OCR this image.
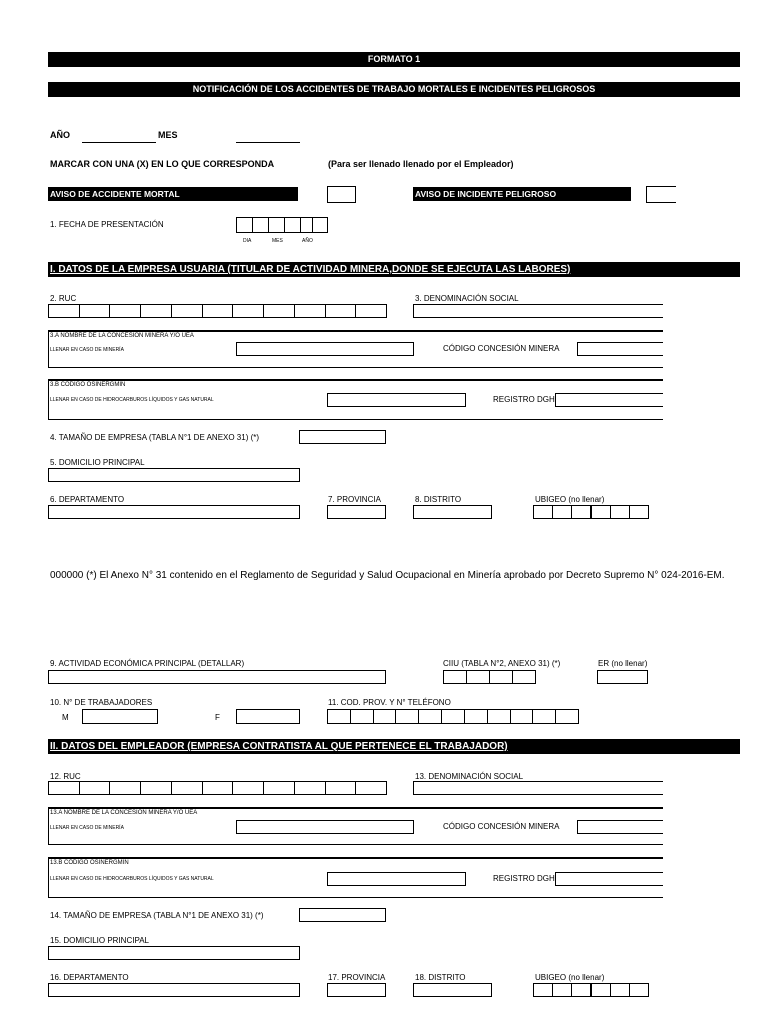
FORMATO 1
NOTIFICACIÓN DE LOS ACCIDENTES DE TRABAJO MORTALES E INCIDENTES PELIGROSOS
AÑO	MES
MARCAR CON UNA (X) EN LO QUE CORRESPONDA	(Para ser llenado llenado por el Empleador)
AVISO DE ACCIDENTE MORTAL	AVISO DE INCIDENTE PELIGROSO
1. FECHA DE PRESENTACIÓN
DIA	MES	AÑO
I. DATOS DE LA EMPRESA USUARIA (TITULAR DE ACTIVIDAD MINERA,DONDE SE EJECUTA LAS LABORES)
2. RUC	3. DENOMINACIÓN SOCIAL
3.A NOMBRE DE LA CONCESION MINERA Y/O UEA
LLENAR EN CASO DE MINERÍA	CÓDIGO CONCESIÓN MINERA
3.B CODIGO OSINERGMIN
LLENAR EN CASO DE HIDROCARBUROS LÍQUIDOS Y GAS NATURAL	REGISTRO DGH
4. TAMAÑO DE EMPRESA (TABLA N°1 DE ANEXO 31) (*)
5. DOMICILIO PRINCIPAL
6. DEPARTAMENTO	7. PROVINCIA	8. DISTRITO	UBIGEO (no llenar)
000000 (*) El Anexo N° 31 contenido en el Reglamento de Seguridad y Salud Ocupacional en Minería aprobado por Decreto Supremo N° 024-2016-EM.
9. ACTIVIDAD ECONÓMICA PRINCIPAL (DETALLAR)	CIIU (TABLA N°2, ANEXO 31) (*)	ER (no llenar)
10. N° DE TRABAJADORES
M	F
11. COD. PROV. Y N° TELÉFONO
II. DATOS DEL EMPLEADOR (EMPRESA CONTRATISTA AL QUE PERTENECE EL TRABAJADOR)
12. RUC	13. DENOMINACIÓN SOCIAL
13.A NOMBRE DE LA CONCESIÓN MINERA Y/O UEA
LLENAR EN CASO DE MINERÍA	CÓDIGO CONCESIÓN MINERA
13.B CODIGO OSINERGMIN
LLENAR EN CASO DE HIDROCARBUROS LÍQUIDOS Y GAS NATURAL	REGISTRO DGH
14. TAMAÑO DE EMPRESA (TABLA N°1 DE ANEXO 31) (*)
15. DOMICILIO PRINCIPAL
16. DEPARTAMENTO	17. PROVINCIA	18. DISTRITO	UBIGEO (no llenar)
